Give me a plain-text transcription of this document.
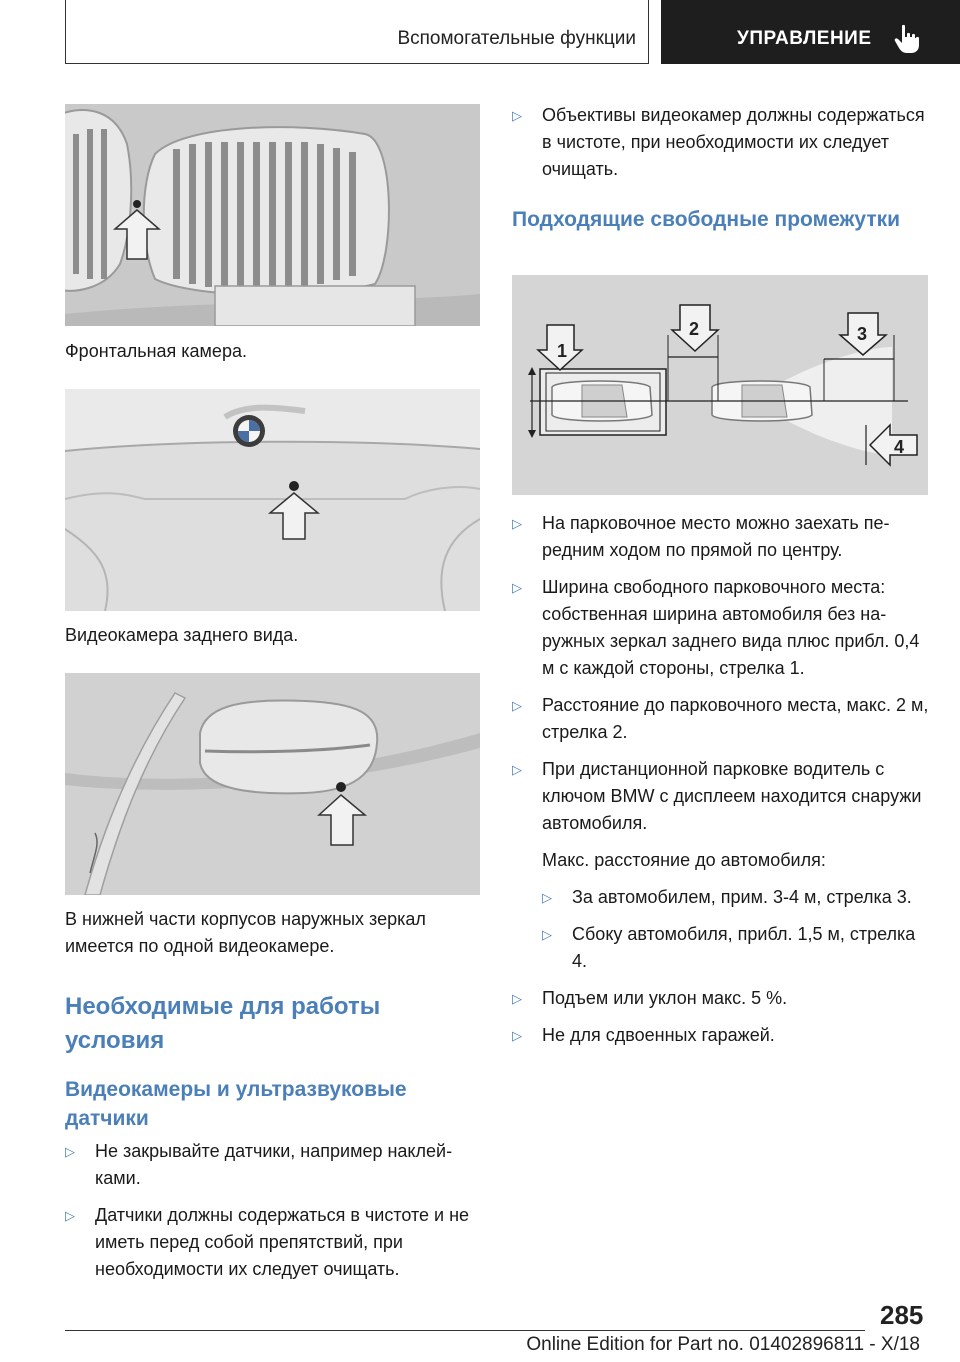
Вспомогательные функции	УПРАВЛЕНИЕ
Фронтальная камера.
Видеокамера заднего вида.
В нижней части корпусов наружных зеркал имеется по одной видеокамере.
Необходимые для работы условия
Видеокамеры и ультразвуковые датчики
▷ Не закрывайте датчики, например наклейками.
▷ Датчики должны содержаться в чистоте и не иметь перед собой препятствий, при необходимости их следует очищать.
▷ Объективы видеокамер должны содержаться в чистоте, при необходимости их следует очищать.
Подходящие свободные промежутки
1
2	3
4
▷ На парковочное место можно заехать передним ходом по прямой по центру.
▷ Ширина свободного парковочного места: собственная ширина автомобиля без наружных зеркал заднего вида плюс прибл. 0,4 м с каждой стороны, стрелка 1.
▷ Расстояние до парковочного места, макс. 2 м, стрелка 2.
▷ При дистанционной парковке водитель с ключом BMW с дисплеем находится снаружи автомобиля.
Макс. расстояние до автомобиля:
▷ За автомобилем, прим. 3-4 м, стрелка 3.
▷ Сбоку автомобиля, прибл. 1,5 м, стрелка 4.
▷ Подъем или уклон макс. 5 %.
▷ Не для сдвоенных гаражей.
285
Online Edition for Part no. 01402896811 - X/18
